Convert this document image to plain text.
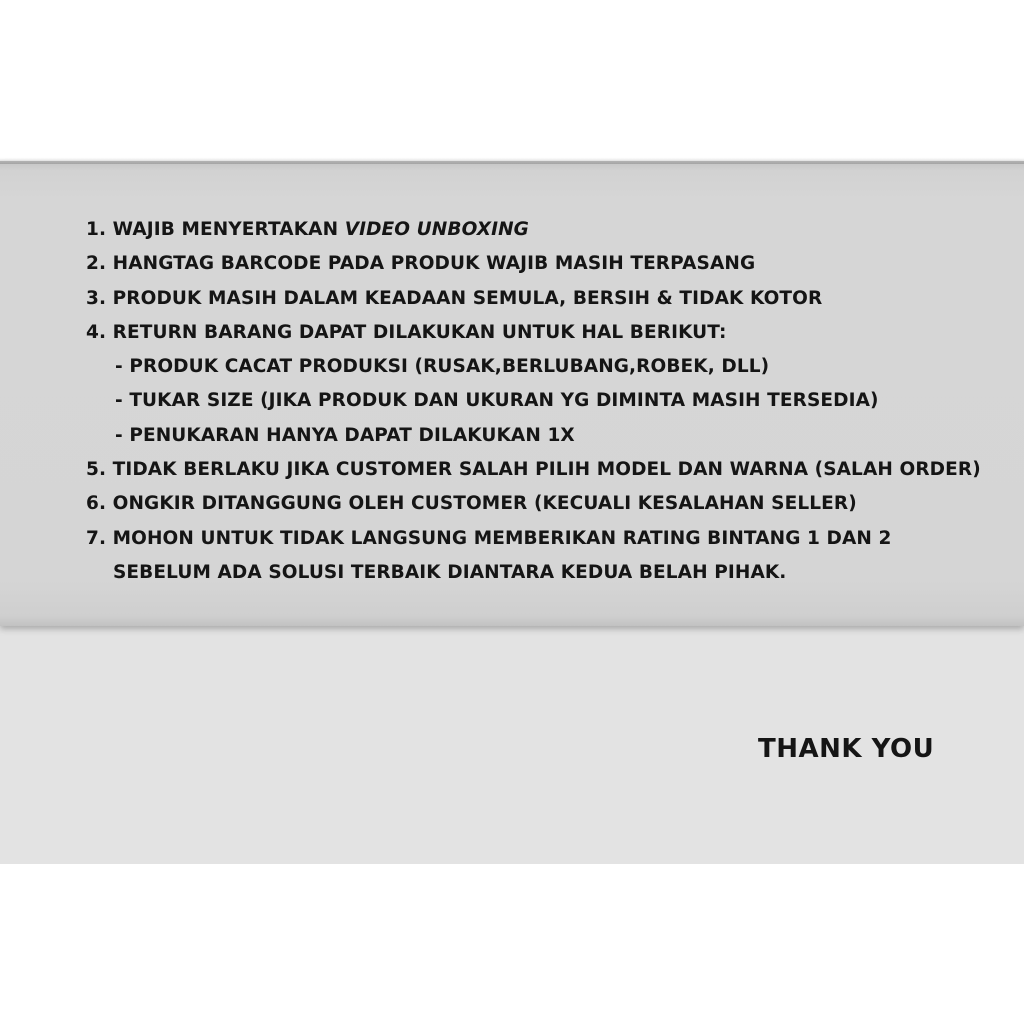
1. WAJIB MENYERTAKAN VIDEO UNBOXING
2. HANGTAG BARCODE PADA PRODUK WAJIB MASIH TERPASANG
3. PRODUK MASIH DALAM KEADAAN SEMULA, BERSIH & TIDAK KOTOR
4. RETURN BARANG DAPAT DILAKUKAN UNTUK HAL BERIKUT:
- PRODUK CACAT PRODUKSI (RUSAK,BERLUBANG,ROBEK, DLL)
- TUKAR SIZE (JIKA PRODUK DAN UKURAN YG DIMINTA MASIH TERSEDIA)
- PENUKARAN HANYA DAPAT DILAKUKAN 1X
5. TIDAK BERLAKU JIKA CUSTOMER SALAH PILIH MODEL DAN WARNA (SALAH ORDER)
6. ONGKIR DITANGGUNG OLEH CUSTOMER (KECUALI KESALAHAN SELLER)
7. MOHON UNTUK TIDAK LANGSUNG MEMBERIKAN RATING BINTANG 1 DAN 2
SEBELUM ADA SOLUSI TERBAIK DIANTARA KEDUA BELAH PIHAK.
THANK YOU
